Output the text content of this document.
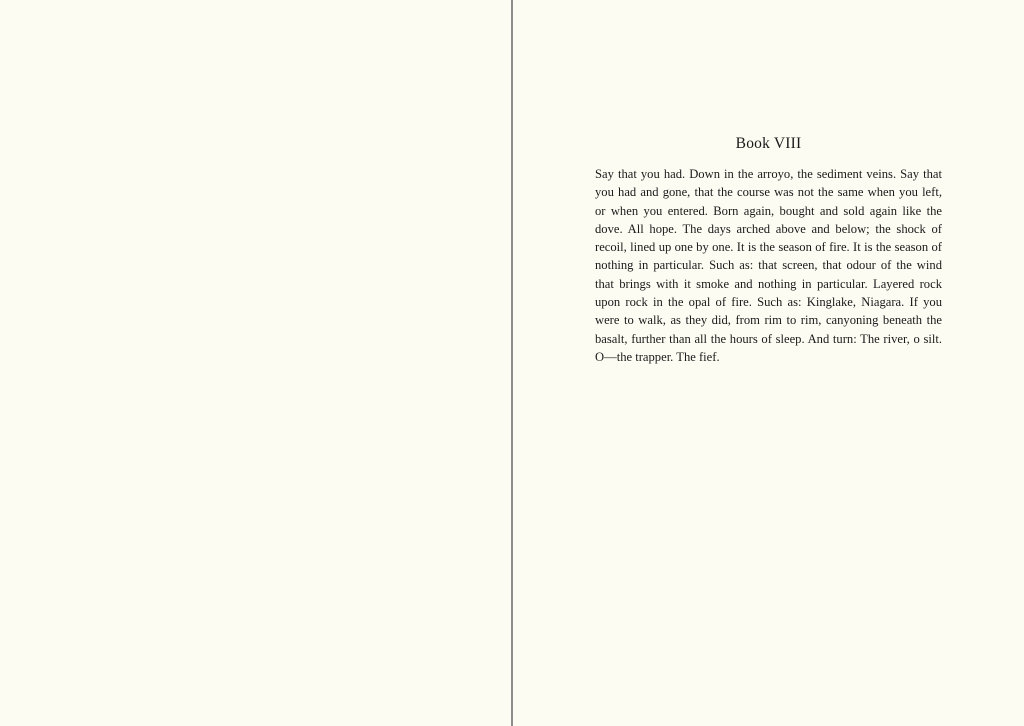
Book VIII

Say that you had. Down in the arroyo, the sediment veins. Say that you had and gone, that the course was not the same when you left, or when you entered. Born again, bought and sold again like the dove. All hope. The days arched above and below; the shock of recoil, lined up one by one. It is the season of fire. It is the season of nothing in particular. Such as: that screen, that odour of the wind that brings with it smoke and nothing in particular. Layered rock upon rock in the opal of fire. Such as: Kinglake, Niagara. If you were to walk, as they did, from rim to rim, canyoning beneath the basalt, further than all the hours of sleep. And turn: The river, o silt. O—the trapper. The fief.
